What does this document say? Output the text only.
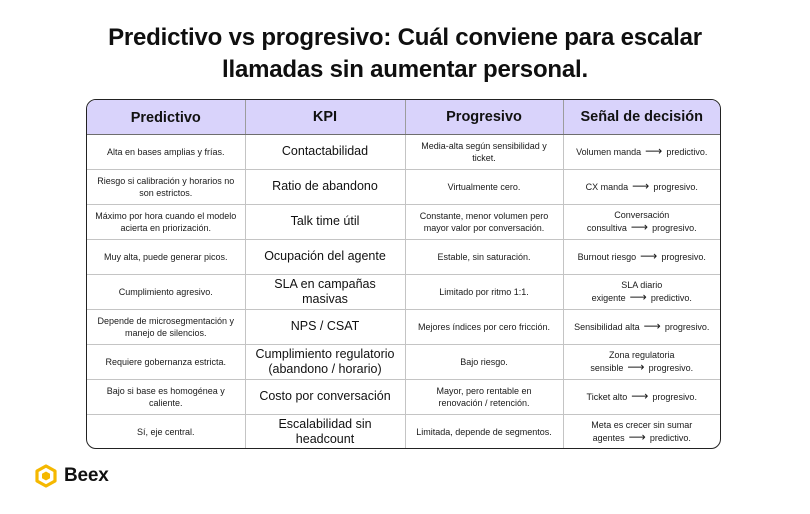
Predictivo vs progresivo: Cuál conviene para escalar
llamadas sin aumentar personal.
Predictivo	KPI	Progresivo	Señal de decisión
Alta en bases amplias y frías.	Contactabilidad	Media-alta según sensibilidad y ticket.	Volumen manda ⟶ predictivo.
Riesgo si calibración y horarios no son estrictos.	Ratio de abandono	Virtualmente cero.	CX manda ⟶ progresivo.
Máximo por hora cuando el modelo acierta en priorización.	Talk time útil	Constante, menor volumen pero mayor valor por conversación.	Conversación consultiva ⟶ progresivo.
Muy alta, puede generar picos.	Ocupación del agente	Estable, sin saturación.	Burnout riesgo ⟶ progresivo.
Cumplimiento agresivo.	SLA en campañas masivas	Limitado por ritmo 1:1.	SLA diario exigente ⟶ predictivo.
Depende de microsegmentación y manejo de silencios.	NPS / CSAT	Mejores índices por cero fricción.	Sensibilidad alta ⟶ progresivo.
Requiere gobernanza estricta.	Cumplimiento regulatorio (abandono / horario)	Bajo riesgo.	Zona regulatoria sensible ⟶ progresivo.
Bajo si base es homogénea y caliente.	Costo por conversación	Mayor, pero rentable en renovación / retención.	Ticket alto ⟶ progresivo.
Sí, eje central.	Escalabilidad sin headcount	Limitada, depende de segmentos.	Meta es crecer sin sumar agentes ⟶ predictivo.
Beex
